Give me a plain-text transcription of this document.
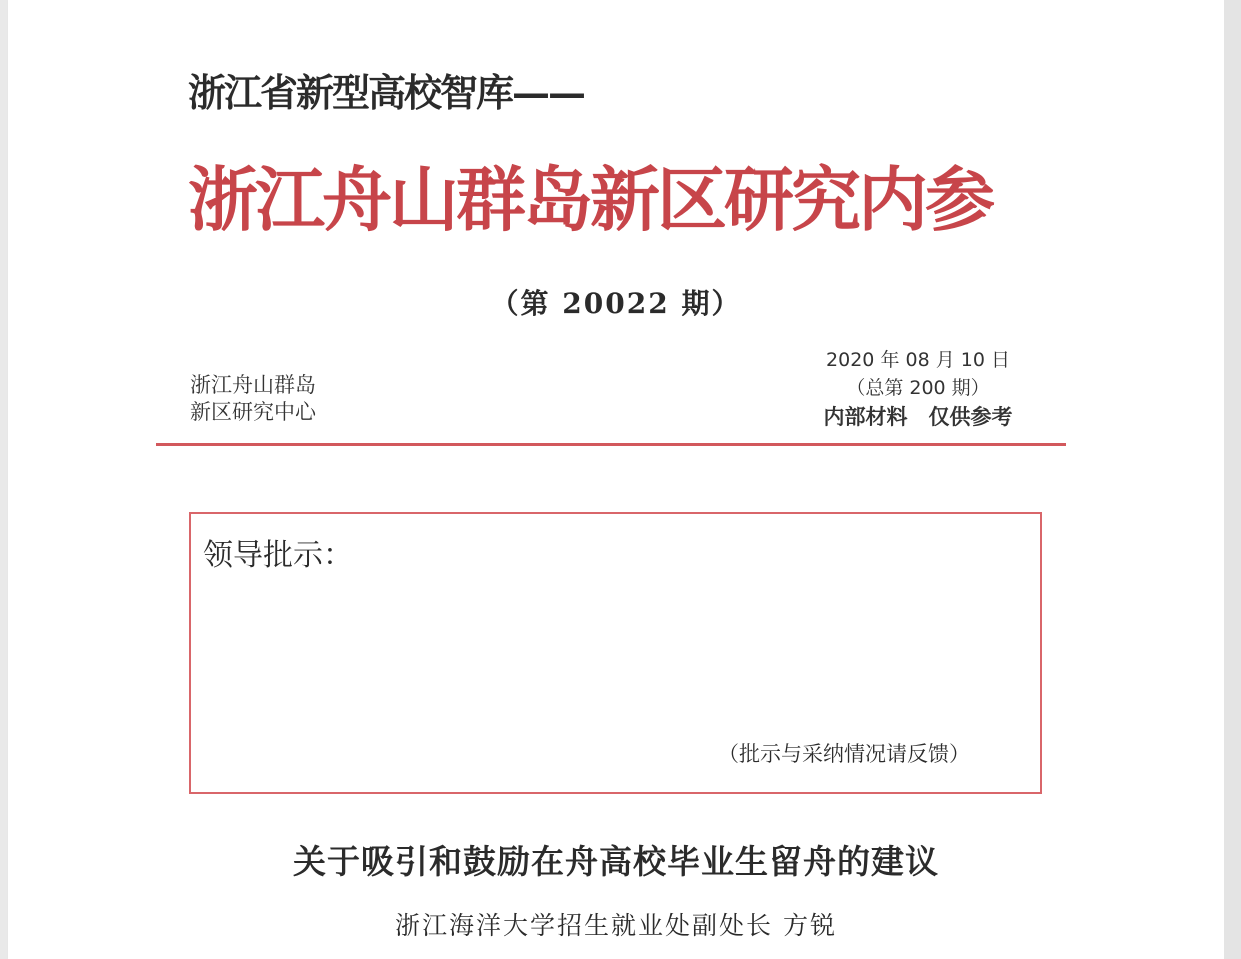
浙江省新型高校智库——
浙江舟山群岛新区研究内参
（第 20022 期）
浙江舟山群岛
新区研究中心
2020 年 08 月 10 日
（总第 200 期）
内部材料　仅供参考
领导批示：
（批示与采纳情况请反馈）
关于吸引和鼓励在舟高校毕业生留舟的建议
浙江海洋大学招生就业处副处长 方锐
